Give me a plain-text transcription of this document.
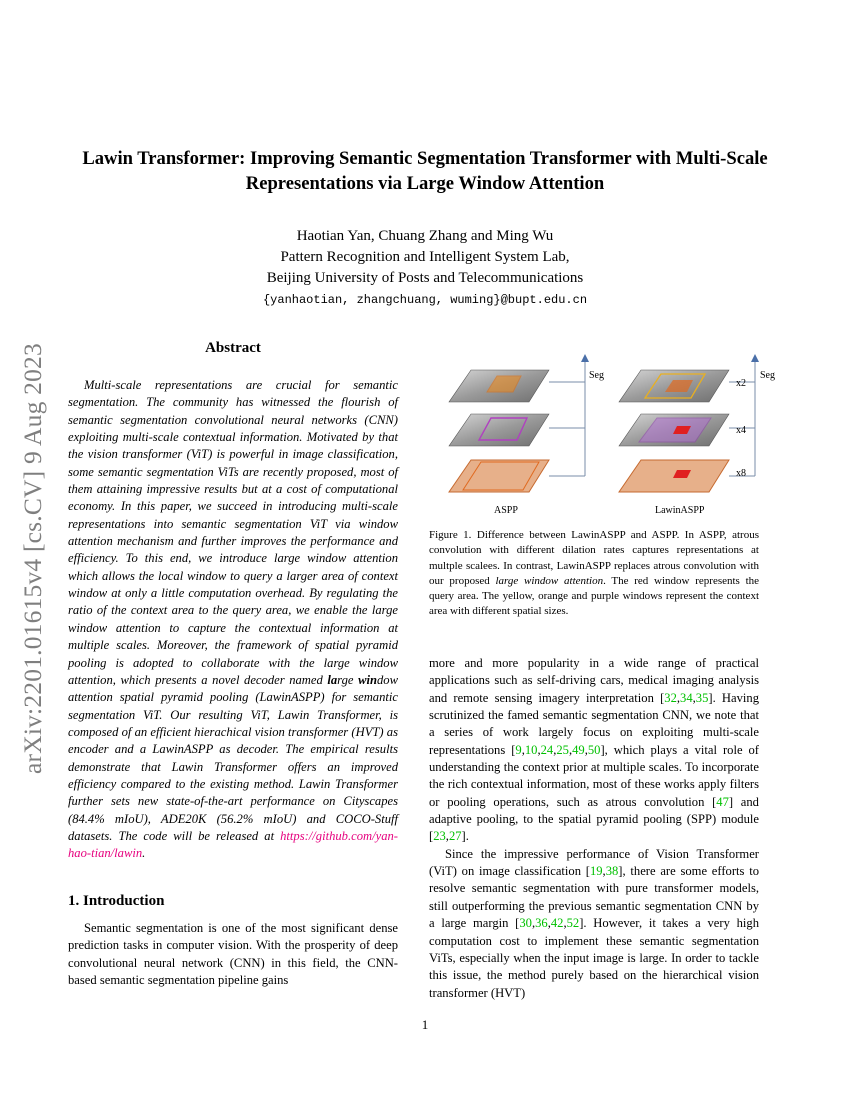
arXiv:2201.01615v4 [cs.CV] 9 Aug 2023
Lawin Transformer: Improving Semantic Segmentation Transformer with Multi-Scale Representations via Large Window Attention
Haotian Yan, Chuang Zhang and Ming Wu
Pattern Recognition and Intelligent System Lab,
Beijing University of Posts and Telecommunications
{yanhaotian, zhangchuang, wuming}@bupt.edu.cn
Abstract
Multi-scale representations are crucial for semantic segmentation. The community has witnessed the flourish of semantic segmentation convolutional neural networks (CNN) exploiting multi-scale contextual information. Motivated by that the vision transformer (ViT) is powerful in image classification, some semantic segmentation ViTs are recently proposed, most of them attaining impressive results but at a cost of computational economy. In this paper, we succeed in introducing multi-scale representations into semantic segmentation ViT via window attention mechanism and further improves the performance and efficiency. To this end, we introduce large window attention which allows the local window to query a larger area of context window at only a little computation overhead. By regulating the ratio of the context area to the query area, we enable the large window attention to capture the contextual information at multiple scales. Moreover, the framework of spatial pyramid pooling is adopted to collaborate with the large window attention, which presents a novel decoder named large window attention spatial pyramid pooling (LawinASPP) for semantic segmentation ViT. Our resulting ViT, Lawin Transformer, is composed of an efficient hierachical vision transformer (HVT) as encoder and a LawinASPP as decoder. The empirical results demonstrate that Lawin Transformer offers an improved efficiency compared to the existing method. Lawin Transformer further sets new state-of-the-art performance on Cityscapes (84.4% mIoU), ADE20K (56.2% mIoU) and COCO-Stuff datasets. The code will be released at https://github.com/yan-hao-tian/lawin.
1. Introduction
Semantic segmentation is one of the most significant dense prediction tasks in computer vision. With the prosperity of deep convolutional neural network (CNN) in this field, the CNN-based semantic segmentation pipeline gains
Seg
ASPP
Seg
x2
x4
x8
LawinASPP
Figure 1. Difference between LawinASPP and ASPP. In ASPP, atrous convolution with different dilation rates captures representations at multple scalees. In contrast, LawinASPP replaces atrous convolution with our proposed large window attention. The red window represents the query area. The yellow, orange and purple windows represent the context area with different spatial sizes.

more and more popularity in a wide range of practical applications such as self-driving cars, medical imaging analysis and remote sensing imagery interpretation [32,34,35]. Having scrutinized the famed semantic segmentation CNN, we note that a series of work largely focus on exploiting multi-scale representations [9,10,24,25,49,50], which plays a vital role of understanding the context prior at multiple scales. To incorporate the rich contextual information, most of these works apply filters or pooling operations, such as atrous convolution [47] and adaptive pooling, to the spatial pyramid pooling (SPP) module [23,27].

Since the impressive performance of Vision Transformer (ViT) on image classification [19,38], there are some efforts to resolve semantic segmentation with pure transformer models, still outperforming the previous semantic segmentation CNN by a large margin [30,36,42,52]. However, it takes a very high computation cost to implement these semantic segmentation ViTs, especially when the input image is large. In order to tackle this issue, the method purely based on the hierarchical vision transformer (HVT)

1
